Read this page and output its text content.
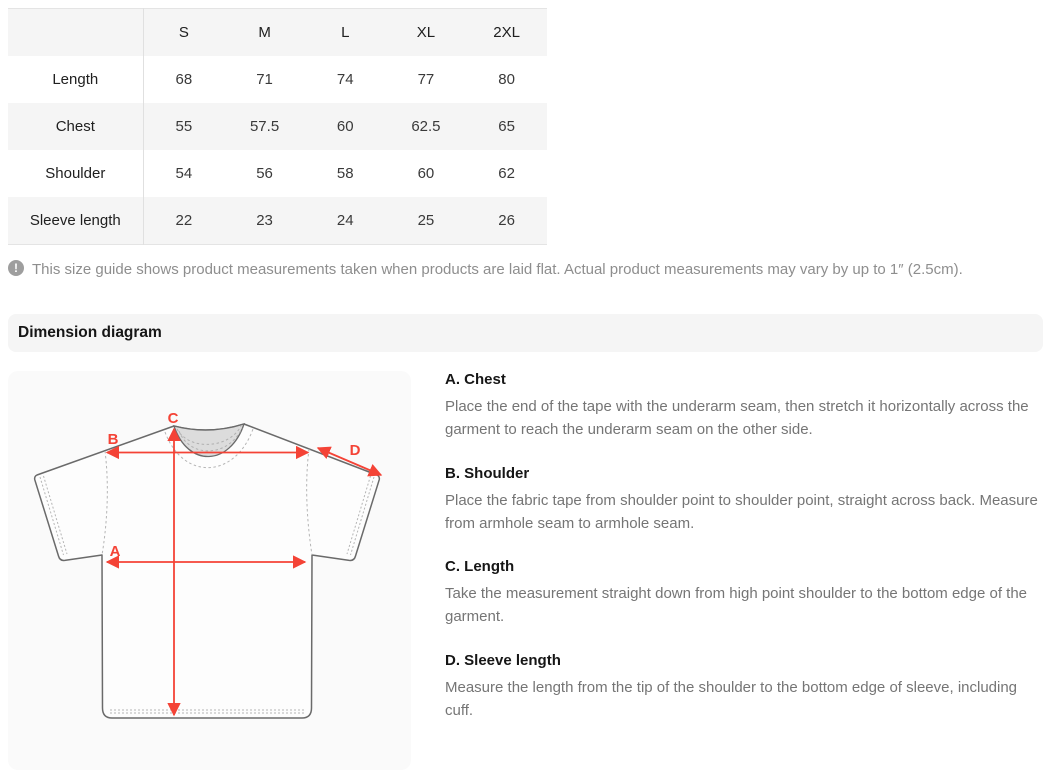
	S	M	L	XL	2XL
Length	68	71	74	77	80
Chest	55	57.5	60	62.5	65
Shoulder	54	56	58	60	62
Sleeve length	22	23	24	25	26
! This size guide shows product measurements taken when products are laid flat. Actual product measurements may vary by up to 1″ (2.5cm).
Dimension diagram
A
B
C
D

A. Chest

Place the end of the tape with the underarm seam, then stretch it horizontally across the garment to reach the underarm seam on the other side.

B. Shoulder

Place the fabric tape from shoulder point to shoulder point, straight across back. Measure from armhole seam to armhole seam.

C. Length

Take the measurement straight down from high point shoulder to the bottom edge of the garment.

D. Sleeve length

Measure the length from the tip of the shoulder to the bottom edge of sleeve, including cuff.
